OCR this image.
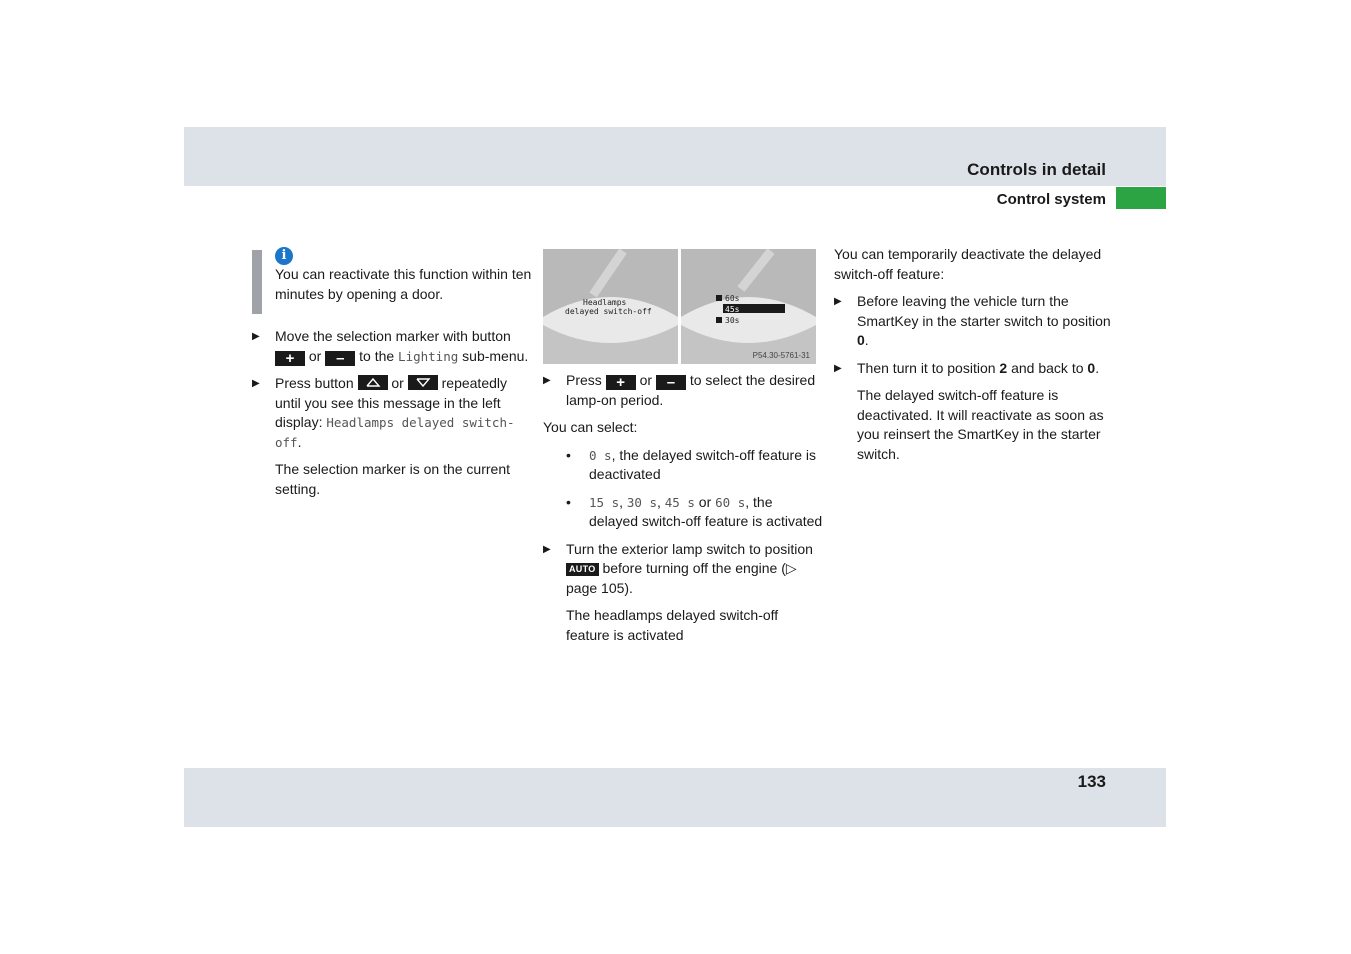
Controls in detail
Control system
i

You can reactivate this function within ten minutes by opening a door.

▶ Move the selection marker with button + or – to the Lighting sub-menu.
▶ Press button	or	repeatedly until you see this message in the left display: Headlamps delayed switch-off.

The selection marker is on the current setting.

Headlamps
delayed switch-off
60s
45s
30s
P54.30-5761-31
▶ Press + or – to select the desired lamp-on period.

You can select:

• 0 s, the delayed switch-off feature is deactivated
• 15 s, 30 s, 45 s or 60 s, the delayed switch-off feature is activated
▶ Turn the exterior lamp switch to position AUTO before turning off the engine (▷ page 105).

The headlamps delayed switch-off feature is activated

You can temporarily deactivate the delayed switch-off feature:

▶ Before leaving the vehicle turn the SmartKey in the starter switch to position 0.
▶ Then turn it to position 2 and back to 0.

The delayed switch-off feature is deactivated. It will reactivate as soon as you reinsert the SmartKey in the starter switch.

133
